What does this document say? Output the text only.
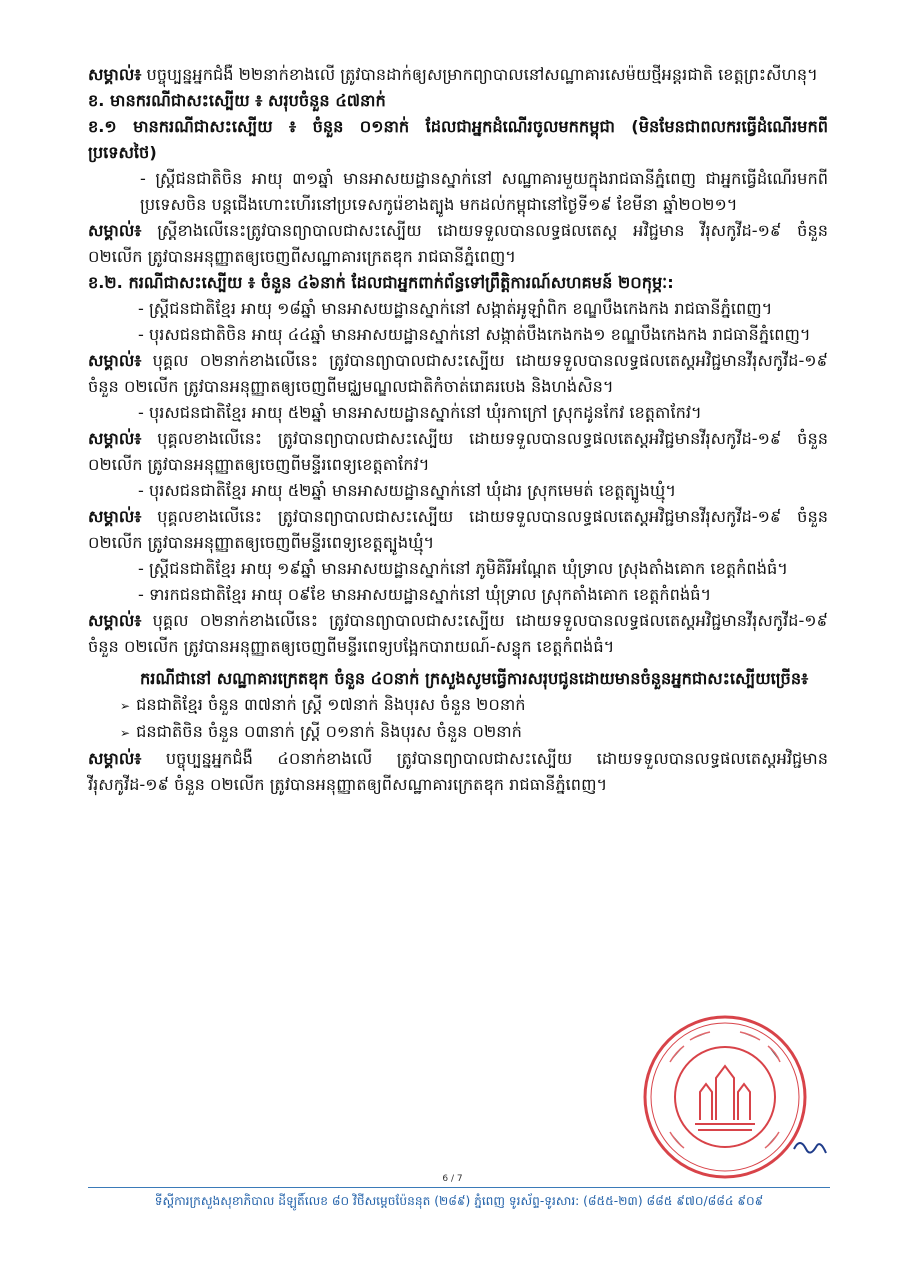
សម្គាល់៖ បច្ចុប្បន្នអ្នកជំងឺ ២២នាក់ខាងលើ ត្រូវបានដាក់ឲ្យសម្រាកព្យាបាលនៅសណ្ឋាគារសេម៉យថ្មីអន្តរជាតិ ខេត្តព្រះសីហនុ។

ខ. មានករណីជាសះស្បើយ ៖ សរុបចំនួន ៤៧នាក់

ខ.១ មានករណីជាសះស្បើយ ៖ ចំនួន ០១នាក់ ដែលជាអ្នកដំណើរចូលមកកម្ពុជា (មិនមែនជាពលករធ្វើដំណើរមកពីប្រទេសថៃ)

- ស្ត្រីជនជាតិចិន អាយុ ៣១ឆ្នាំ មានអាសយដ្ឋានស្នាក់នៅ សណ្ឋាគារមួយក្នុងរាជធានីភ្នំពេញ ជាអ្នកធ្វើដំណើរមកពីប្រទេសចិន បន្តជើងហោះហើរនៅប្រទេសកូរ៉េខាងត្បូង មកដល់កម្ពុជានៅថ្ងៃទី១៩ ខែមីនា ឆ្នាំ២០២១។

សម្គាល់៖ ស្ត្រីខាងលើនេះត្រូវបានព្យាបាលជាសះស្បើយ ដោយទទួលបានលទ្ធផលតេស្ត អវិជ្ជមាន វីរុសកូវីដ-១៩ ចំនួន ០២លើក ត្រូវបានអនុញ្ញាតឲ្យចេញពីសណ្ឋាគារក្រេតឌុក រាជធានីភ្នំពេញ។

ខ.២. ករណីជាសះស្បើយ ៖ ចំនួន ៤៦នាក់ ដែលជាអ្នកពាក់ព័ន្ធទៅព្រឹត្តិការណ៍សហគមន៍ ២០កុម្ភៈ:

- ស្ត្រីជនជាតិខ្មែរ អាយុ ១៨ឆ្នាំ មានអាសយដ្ឋានស្នាក់នៅ សង្កាត់អូឡាំពិក ខណ្ឌបឹងកេងកង រាជធានីភ្នំពេញ។

- បុរសជនជាតិចិន អាយុ ៤៤ឆ្នាំ មានអាសយដ្ឋានស្នាក់នៅ សង្កាត់បឹងកេងកង១ ខណ្ឌបឹងកេងកង រាជធានីភ្នំពេញ។

សម្គាល់៖ បុគ្គល ០២នាក់ខាងលើនេះ ត្រូវបានព្យាបាលជាសះស្បើយ ដោយទទួលបានលទ្ធផលតេស្តអវិជ្ជមានវីរុសកូវីដ-១៩ ចំនួន ០២លើក ត្រូវបានអនុញ្ញាតឲ្យចេញពីមជ្ឈមណ្ឌលជាតិកំចាត់រោគរបេង និងហង់សិន។

- បុរសជនជាតិខ្មែរ អាយុ ៥២ឆ្នាំ មានអាសយដ្ឋានស្នាក់នៅ ឃុំរកាក្រៅ ស្រុកដូនកែវ ខេត្តតាកែវ។

សម្គាល់៖ បុគ្គលខាងលើនេះ ត្រូវបានព្យាបាលជាសះស្បើយ ដោយទទួលបានលទ្ធផលតេស្តអវិជ្ជមានវីរុសកូវីដ-១៩ ចំនួន ០២លើក ត្រូវបានអនុញ្ញាតឲ្យចេញពីមន្ទីរពេទ្យខេត្តតាកែវ។

- បុរសជនជាតិខ្មែរ អាយុ ៥២ឆ្នាំ មានអាសយដ្ឋានស្នាក់នៅ ឃុំដារ ស្រុកមេមត់ ខេត្តត្បូងឃ្មុំ។

សម្គាល់៖ បុគ្គលខាងលើនេះ ត្រូវបានព្យាបាលជាសះស្បើយ ដោយទទួលបានលទ្ធផលតេស្តអវិជ្ជមានវីរុសកូវីដ-១៩ ចំនួន ០២លើក ត្រូវបានអនុញ្ញាតឲ្យចេញពីមន្ទីរពេទ្យខេត្តត្បូងឃ្មុំ។

- ស្ត្រីជនជាតិខ្មែរ អាយុ ១៩ឆ្នាំ មានអាសយដ្ឋានស្នាក់នៅ ភូមិគិរីអណ្តែត ឃុំទ្រាល ស្រុងតាំងគោក ខេត្តកំពង់ធំ។

- ទារកជនជាតិខ្មែរ អាយុ ០៩ខែ មានអាសយដ្ឋានស្នាក់នៅ ឃុំទ្រាល ស្រុកតាំងគោក ខេត្តកំពង់ធំ។

សម្គាល់៖ បុគ្គល ០២នាក់ខាងលើនេះ ត្រូវបានព្យាបាលជាសះស្បើយ ដោយទទួលបានលទ្ធផលតេស្តអវិជ្ជមានវីរុសកូវីដ-១៩ ចំនួន ០២លើក ត្រូវបានអនុញ្ញាតឲ្យចេញពីមន្ទីរពេទ្យបង្អែកបារាយណ៍-សន្ទុក ខេត្តកំពង់ធំ។

ករណីជានៅ សណ្ឋាគារក្រេតឌុក ចំនួន ៤០នាក់ ក្រសួងសូមធ្វើការសរុបជូនដោយមានចំនួនអ្នកជាសះស្បើយច្រើន៖

➢ ជនជាតិខ្មែរ ចំនួន ៣៧នាក់ ស្ត្រី ១៧នាក់ និងបុរស ចំនួន ២០នាក់

➢ ជនជាតិចិន ចំនួន ០៣នាក់ ស្ត្រី ០១នាក់ និងបុរស ចំនួន ០២នាក់

សម្គាល់៖ បច្ចុប្បន្នអ្នកជំងឺ ៤០នាក់ខាងលើ ត្រូវបានព្យាបាលជាសះស្បើយ ដោយទទួលបានលទ្ធផលតេស្តអវិជ្ជមានវីរុសកូវីដ-១៩ ចំនួន ០២លើក ត្រូវបានអនុញ្ញាតឲ្យពីសណ្ឋាគារក្រេតឌុក រាជធានីភ្នំពេញ។

6 / 7
ទីស្តីការក្រសួងសុខាភិបាល ដីឡូតិ៍លេខ ៨០ វិថីសម្តេចប៉ែននុត (២៨៩) ភ្នំពេញ ទូរស័ព្ទ-ទូរសារ: (៨៥៥-២៣) ៨៨៥ ៩៧០/៨៨៤ ៩០៩
